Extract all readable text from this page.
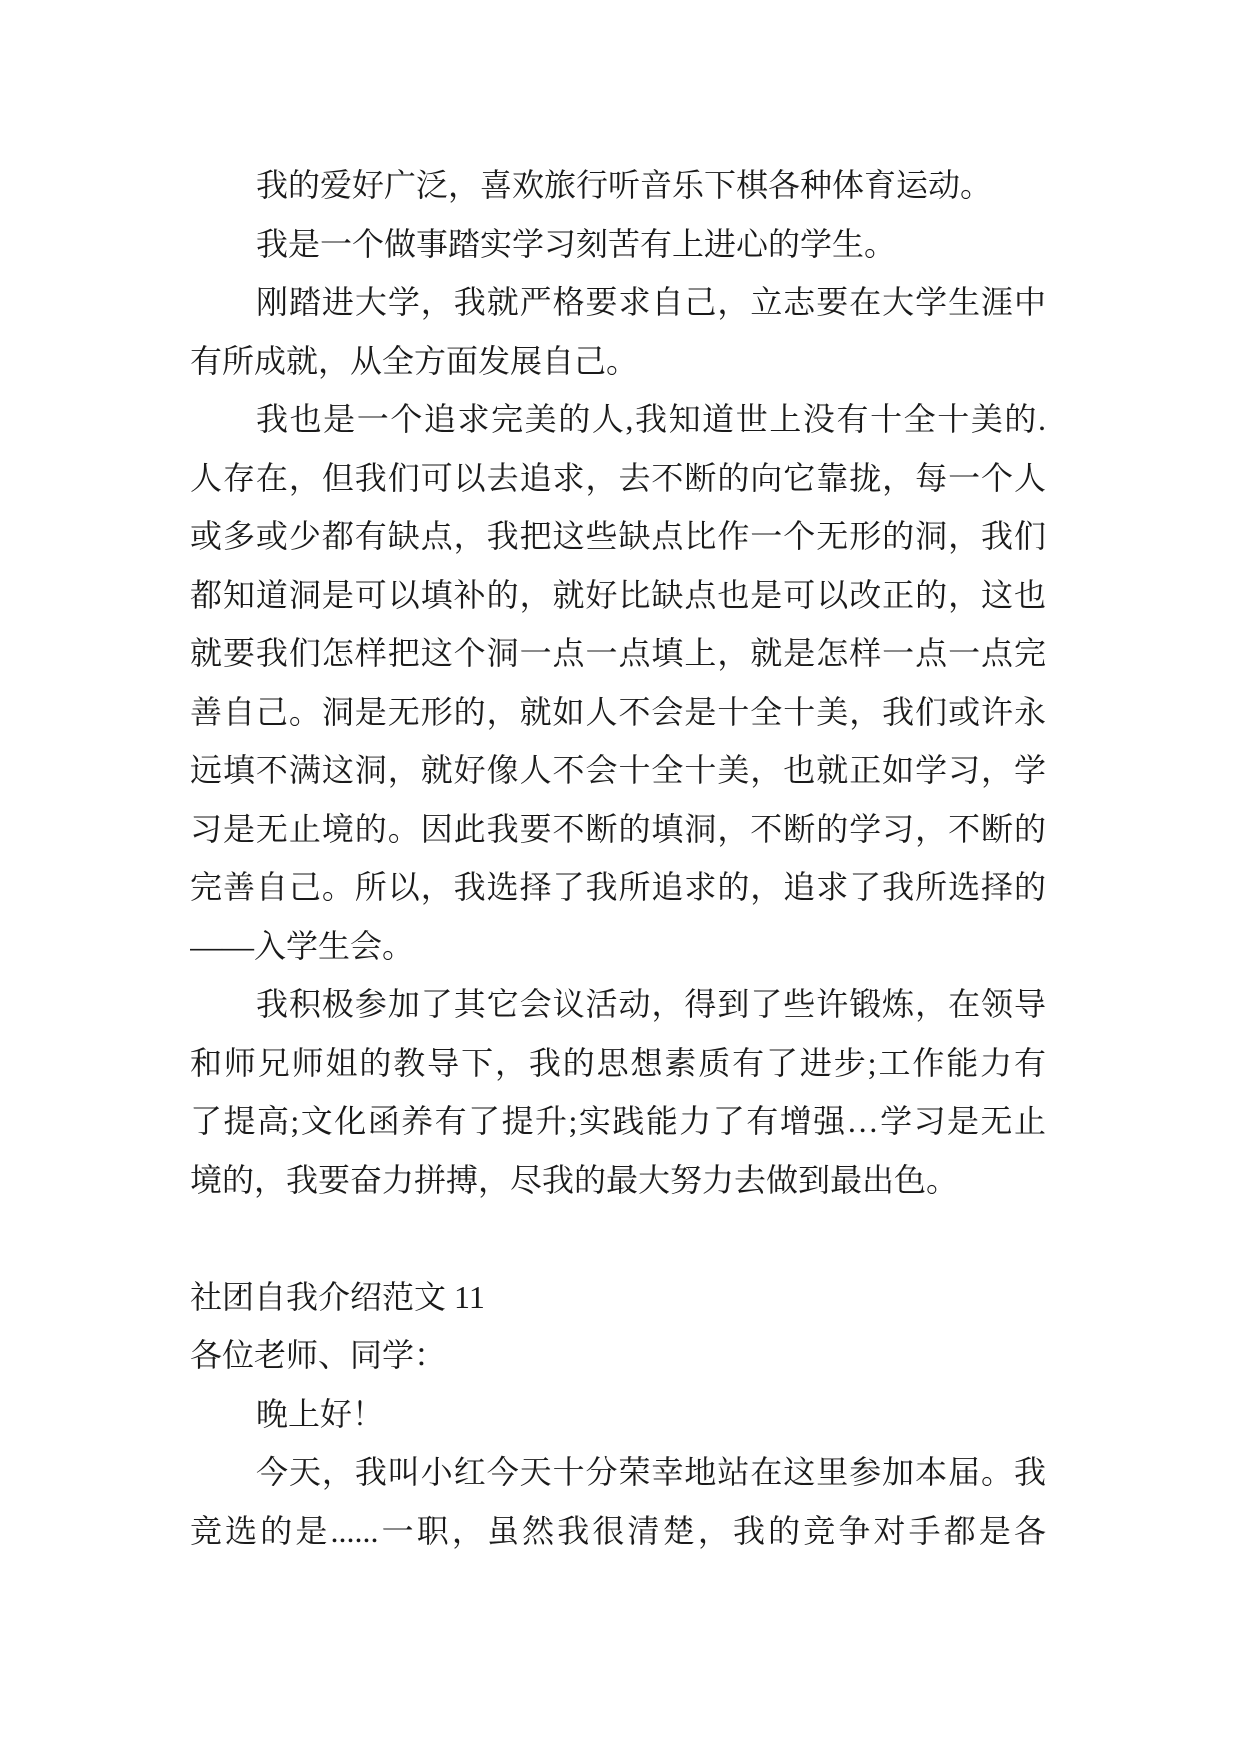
我的爱好广泛，喜欢旅行听音乐下棋各种体育运动。
我是一个做事踏实学习刻苦有上进心的学生。
刚踏进大学，我就严格要求自己，立志要在大学生涯中
有所成就，从全方面发展自己。
我也是一个追求完美的人,我知道世上没有十全十美的.
人存在，但我们可以去追求，去不断的向它靠拢，每一个人
或多或少都有缺点，我把这些缺点比作一个无形的洞，我们
都知道洞是可以填补的，就好比缺点也是可以改正的，这也
就要我们怎样把这个洞一点一点填上，就是怎样一点一点完
善自己。洞是无形的，就如人不会是十全十美，我们或许永
远填不满这洞，就好像人不会十全十美，也就正如学习，学
习是无止境的。因此我要不断的填洞，不断的学习，不断的
完善自己。所以，我选择了我所追求的，追求了我所选择的
——入学生会。
我积极参加了其它会议活动，得到了些许锻炼，在领导
和师兄师姐的教导下，我的思想素质有了进步;工作能力有
了提高;文化函养有了提升;实践能力了有增强…学习是无止
境的，我要奋力拼搏，尽我的最大努力去做到最出色。
社团自我介绍范文 11
各位老师、同学：
晚上好！
今天，我叫小红今天十分荣幸地站在这里参加本届。我
竞选的是......一职，虽然我很清楚，我的竞争对手都是各
